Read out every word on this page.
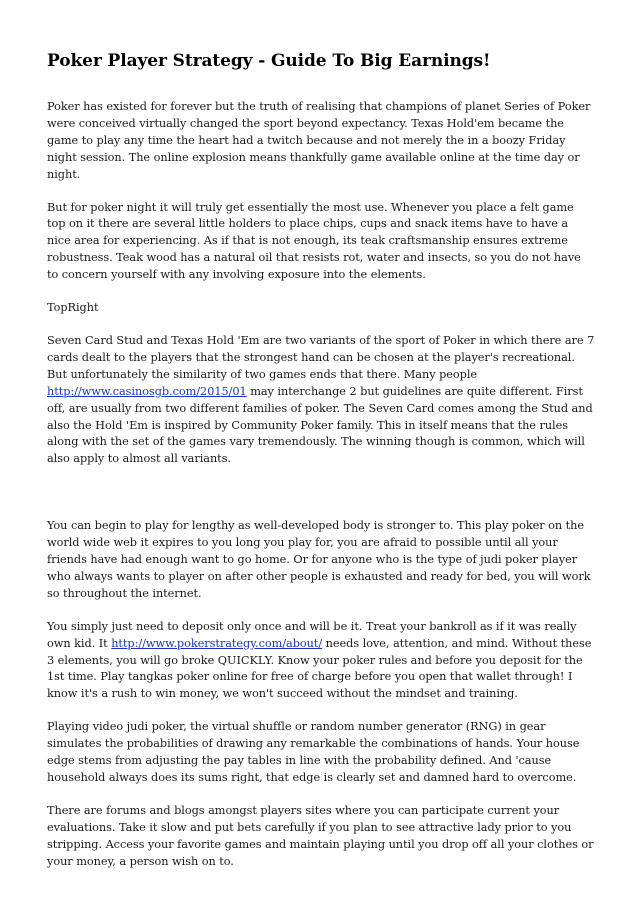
Poker Player Strategy - Guide To Big Earnings!

Poker has existed for forever but the truth of realising that champions of planet Series of Poker were conceived virtually changed the sport beyond expectancy. Texas Hold'em became the game to play any time the heart had a twitch because and not merely the in a boozy Friday night session. The online explosion means thankfully game available online at the time day or night.

But for poker night it will truly get essentially the most use. Whenever you place a felt game top on it there are several little holders to place chips, cups and snack items have to have a nice area for experiencing. As if that is not enough, its teak craftsmanship ensures extreme robustness. Teak wood has a natural oil that resists rot, water and insects, so you do not have to concern yourself with any involving exposure into the elements.

TopRight

Seven Card Stud and Texas Hold 'Em are two variants of the sport of Poker in which there are 7 cards dealt to the players that the strongest hand can be chosen at the player's recreational. But unfortunately the similarity of two games ends that there. Many people http://www.casinosgb.com/2015/01 may interchange 2 but guidelines are quite different. First off, are usually from two different families of poker. The Seven Card comes among the Stud and also the Hold 'Em is inspired by Community Poker family. This in itself means that the rules along with the set of the games vary tremendously. The winning though is common, which will also apply to almost all variants.

You can begin to play for lengthy as well-developed body is stronger to. This play poker on the world wide web it expires to you long you play for, you are afraid to possible until all your friends have had enough want to go home. Or for anyone who is the type of judi poker player who always wants to player on after other people is exhausted and ready for bed, you will work so throughout the internet.

You simply just need to deposit only once and will be it. Treat your bankroll as if it was really own kid. It http://www.pokerstrategy.com/about/ needs love, attention, and mind. Without these 3 elements, you will go broke QUICKLY. Know your poker rules and before you deposit for the 1st time. Play tangkas poker online for free of charge before you open that wallet through! I know it's a rush to win money, we won't succeed without the mindset and training.

Playing video judi poker, the virtual shuffle or random number generator (RNG) in gear simulates the probabilities of drawing any remarkable the combinations of hands. Your house edge stems from adjusting the pay tables in line with the probability defined. And 'cause household always does its sums right, that edge is clearly set and damned hard to overcome.

There are forums and blogs amongst players sites where you can participate current your evaluations. Take it slow and put bets carefully if you plan to see attractive lady prior to you stripping. Access your favorite games and maintain playing until you drop off all your clothes or your money, a person wish on to.
